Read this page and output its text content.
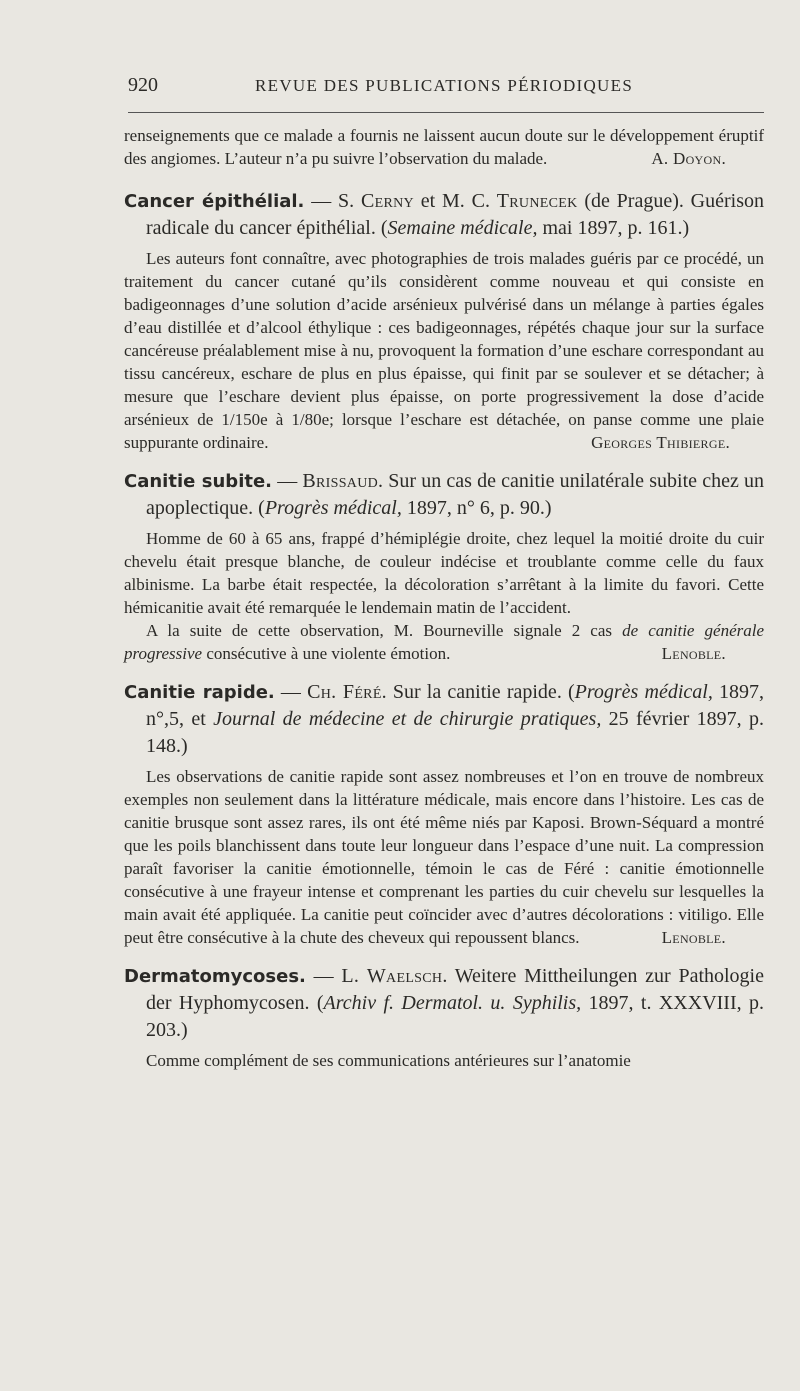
920	REVUE DES PUBLICATIONS PÉRIODIQUES

renseignements que ce malade a fournis ne laissent aucun doute sur le développement éruptif des angiomes. L’auteur n’a pu suivre l’observation du malade.	A. Doyon.

Cancer épithélial. — S. Cerny et M. C. Trunecek (de Prague). Guérison radicale du cancer épithélial. (Semaine médicale, mai 1897, p. 161.)

Les auteurs font connaître, avec photographies de trois malades guéris par ce procédé, un traitement du cancer cutané qu’ils considèrent comme nouveau et qui consiste en badigeonnages d’une solution d’acide arsénieux pulvérisé dans un mélange à parties égales d’eau distillée et d’alcool éthylique : ces badigeonnages, répétés chaque jour sur la surface cancéreuse préalablement mise à nu, provoquent la formation d’une eschare correspondant au tissu cancéreux, eschare de plus en plus épaisse, qui finit par se soulever et se détacher; à mesure que l’eschare devient plus épaisse, on porte progressivement la dose d’acide arsénieux de 1/150e à 1/80e; lorsque l’eschare est détachée, on panse comme une plaie suppurante ordinaire.	Georges Thibierge.

Canitie subite. — Brissaud. Sur un cas de canitie unilatérale subite chez un apoplectique. (Progrès médical, 1897, n° 6, p. 90.)

Homme de 60 à 65 ans, frappé d’hémiplégie droite, chez lequel la moitié droite du cuir chevelu était presque blanche, de couleur indécise et troublante comme celle du faux albinisme. La barbe était respectée, la décoloration s’arrêtant à la limite du favori. Cette hémicanitie avait été remarquée le lendemain matin de l’accident.

A la suite de cette observation, M. Bourneville signale 2 cas de canitie générale progressive consécutive à une violente émotion.	Lenoble.

Canitie rapide. — Ch. Féré. Sur la canitie rapide. (Progrès médical, 1897, n°,5, et Journal de médecine et de chirurgie pratiques, 25 février 1897, p. 148.)

Les observations de canitie rapide sont assez nombreuses et l’on en trouve de nombreux exemples non seulement dans la littérature médicale, mais encore dans l’histoire. Les cas de canitie brusque sont assez rares, ils ont été même niés par Kaposi. Brown-Séquard a montré que les poils blanchissent dans toute leur longueur dans l’espace d’une nuit. La compression paraît favoriser la canitie émotionnelle, témoin le cas de Féré : canitie émotionnelle consécutive à une frayeur intense et comprenant les parties du cuir chevelu sur lesquelles la main avait été appliquée. La canitie peut coïncider avec d’autres décolorations : vitiligo. Elle peut être consécutive à la chute des cheveux qui repoussent blancs.	Lenoble.

Dermatomycoses. — L. Waelsch. Weitere Mittheilungen zur Pathologie der Hyphomycosen. (Archiv f. Dermatol. u. Syphilis, 1897, t. XXXVIII, p. 203.)

Comme complément de ses communications antérieures sur l’anatomie
